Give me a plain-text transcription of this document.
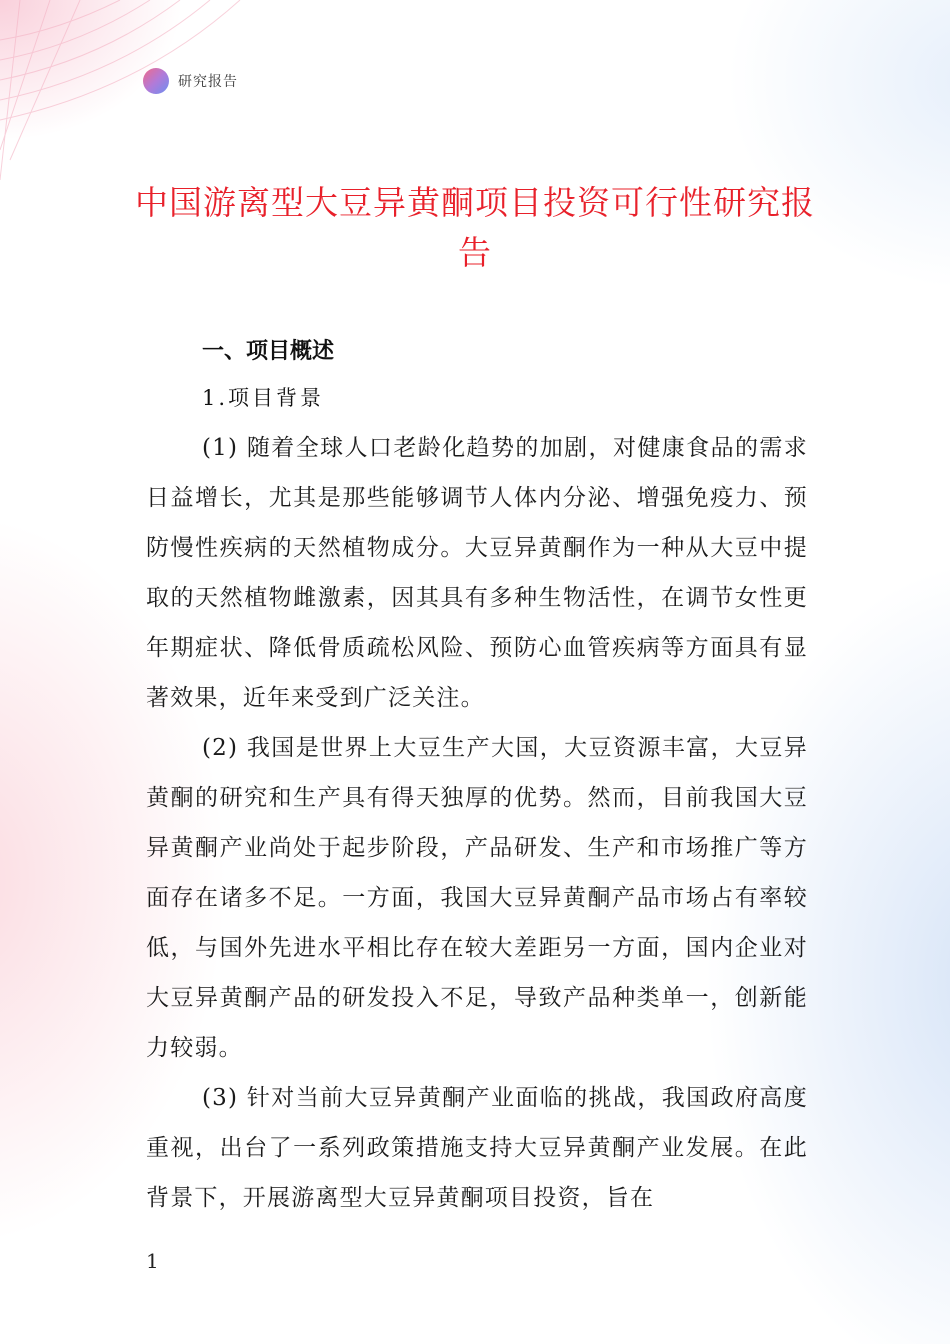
研究报告
中国游离型大豆异黄酮项目投资可行性研究报告

一、项目概述

1.项目背景

(1) 随着全球人口老龄化趋势的加剧，对健康食品的需求日益增长，尤其是那些能够调节人体内分泌、增强免疫力、预防慢性疾病的天然植物成分。大豆异黄酮作为一种从大豆中提取的天然植物雌激素，因其具有多种生物活性，在调节女性更年期症状、降低骨质疏松风险、预防心血管疾病等方面具有显著效果，近年来受到广泛关注。

(2) 我国是世界上大豆生产大国，大豆资源丰富，大豆异黄酮的研究和生产具有得天独厚的优势。然而，目前我国大豆异黄酮产业尚处于起步阶段，产品研发、生产和市场推广等方面存在诸多不足。一方面，我国大豆异黄酮产品市场占有率较低，与国外先进水平相比存在较大差距另一方面，国内企业对大豆异黄酮产品的研发投入不足，导致产品种类单一，创新能力较弱。

(3) 针对当前大豆异黄酮产业面临的挑战，我国政府高度重视，出台了一系列政策措施支持大豆异黄酮产业发展。在此背景下，开展游离型大豆异黄酮项目投资，旨在

1
